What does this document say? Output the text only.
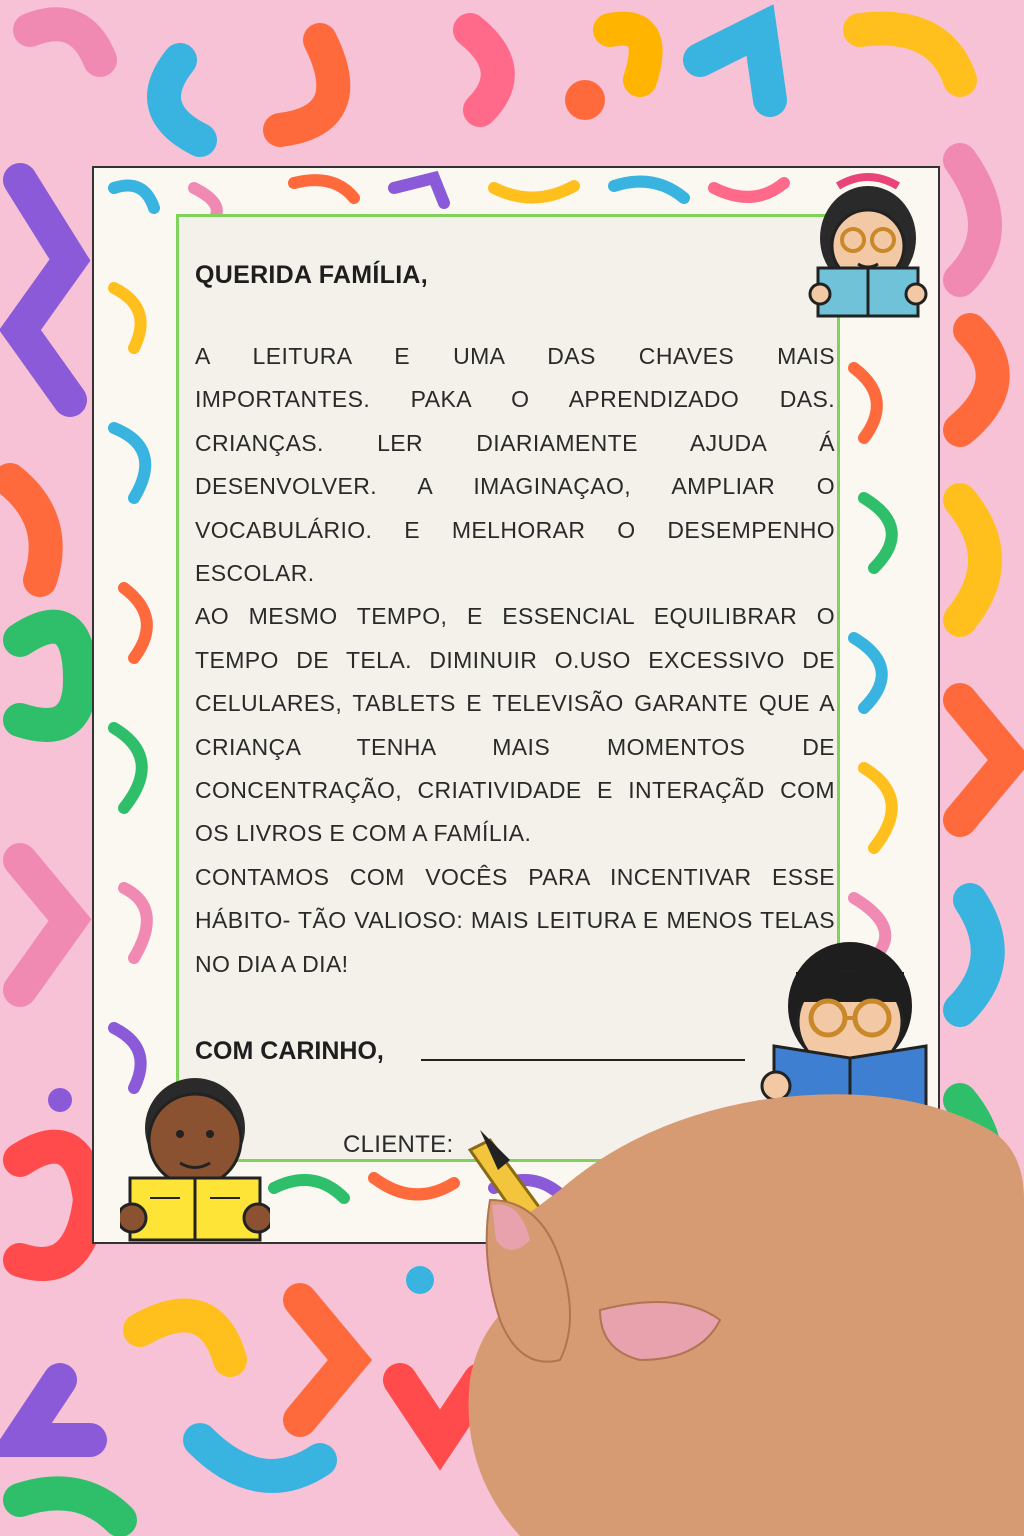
QUERIDA FAMÍLIA,

A LEITURA E UMA DAS CHAVES MAIS IMPORTANTES. PAKA O APRENDIZADO DAS. CRIANÇAS. LER DIARIAMENTE AJUDA Á DESENVOLVER. A IMAGINAÇAO, AMPLIAR O VOCABULÁRIO. E MELHORAR O DESEMPENHO ESCOLAR.

AO MESMO TEMPO, E ESSENCIAL EQUILIBRAR O TEMPO DE TELA. DIMINUIR O.USO EXCESSIVO DE CELULARES, TABLETS E TELEVISÃO GARANTE QUE A CRIANÇA TENHA MAIS MOMENTOS DE CONCENTRAÇÃO, CRIATIVIDADE E INTERAÇÃD COM OS LIVROS E COM A FAMÍLIA.

CONTAMOS COM VOCÊS PARA INCENTIVAR ESSE HÁBITO- TÃO VALIOSO: MAIS LEITURA E MENOS TELAS NO DIA A DIA!

COM CARINHO,
CLIENTE:
